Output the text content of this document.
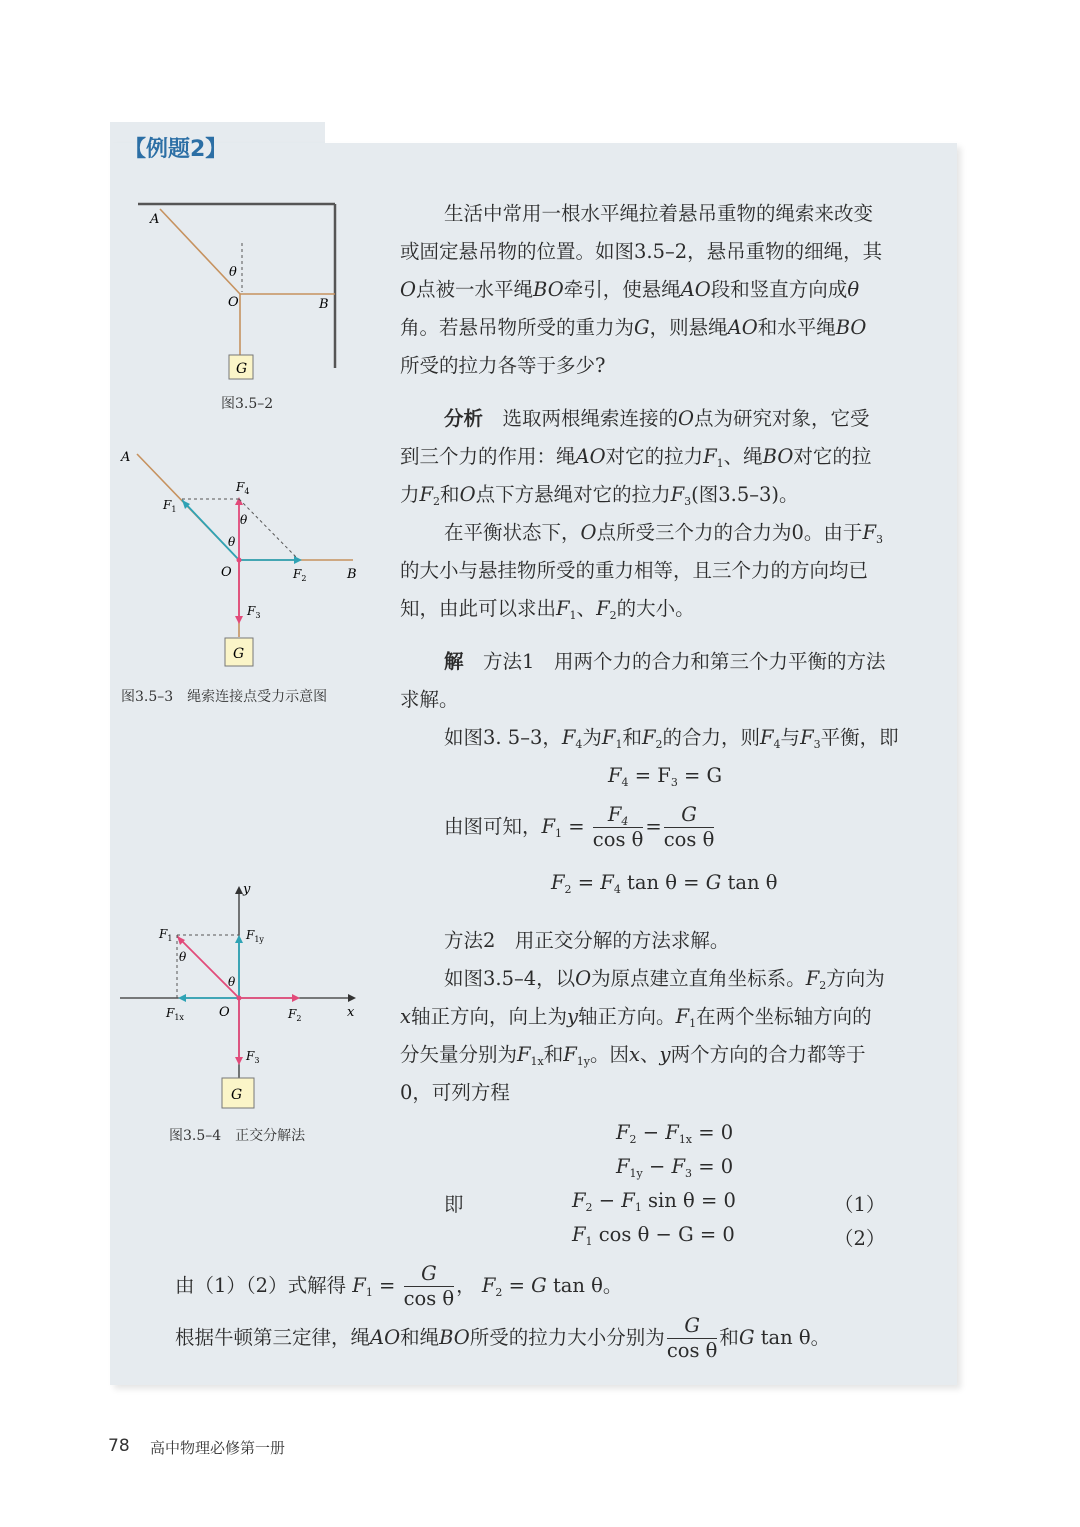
【例题2】
A
B
O
θ
G
图3.5–2
A
B
O
θ
θ
$F_1$
$F_2$
$F_3$
$F_4$
G
图3.5–3　绳索连接点受力示意图
y
x
O
θ
θ
$F_1$	$F_{1y}$
$F_{1x}$	$F_2$
$F_3$
G
图3.5–4　正交分解法
生活中常用一根水平绳拉着悬吊重物的绳索来改变
或固定悬吊物的位置。如图3.5–2，悬吊重物的细绳，其
O点被一水平绳BO牵引，使悬绳AO段和竖直方向成θ
角。若悬吊物所受的重力为G，则悬绳AO和水平绳BO
所受的拉力各等于多少?
分析　 选取两根绳索连接的O点为研究对象，它受
到三个力的作用：绳AO对它的拉力$F_1$、绳BO对它的拉
力$F_2$和O点下方悬绳对它的拉力$F_3$(图3.5–3)。
在平衡状态下，O点所受三个力的合力为0。由于$F_3$
的大小与悬挂物所受的重力相等，且三个力的方向均已
知，由此可以求出$F_1$、$F_2$的大小。
解　 方法1　用两个力的合力和第三个力平衡的方法
求解。
如图3. 5–3，$F_4$为$F_1$和$F_2$的合力，则$F_4$与$F_3$平衡，即
$F_4 = F_3 = G$
由图可知，$F_1 = \frac{F_4}{\text{cos θ}} = \frac{G}{\text{cos θ}}$
$F_2 = F_4$ tan θ = G tan θ
方法2　用正交分解的方法求解。
如图3.5–4，以O为原点建立直角坐标系。$F_2$方向为
x轴正方向，向上为y轴正方向。$F_1$在两个坐标轴方向的
分矢量分别为$F_{1x}$和$F_{1y}$。因x、y两个方向的合力都等于
0，可列方程
$F_2 - F_{1x} = 0$
$F_{1y} - F_3 = 0$
即	$F_2 - F_1$ sin θ = 0	（1）
$F_1$ cos θ − G = 0	（2）
由（1）（2）式解得 $F_1 = \frac{G}{\text{cos θ}}$ ， $F_2 = G$ tan θ。
根据牛顿第三定律，绳AO和绳BO所受的拉力大小分别为 $\frac{G}{\text{cos θ}}$ 和G tan θ。
78 高中物理必修第一册
